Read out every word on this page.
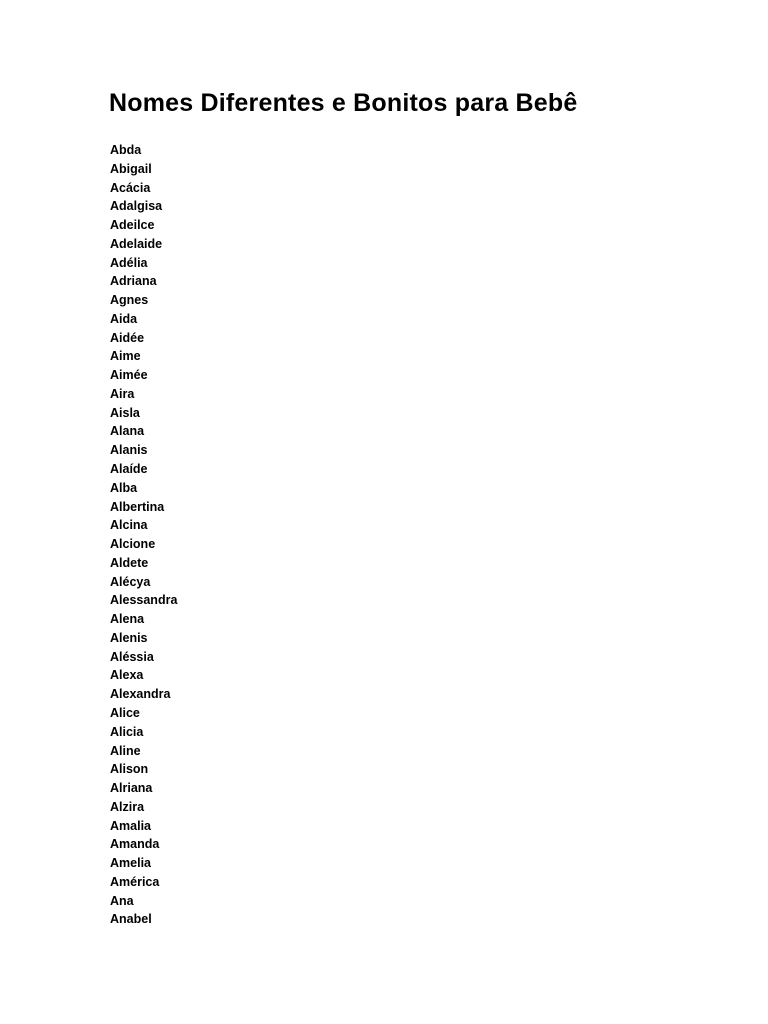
Nomes Diferentes e Bonitos para Bebê
Abda
Abigail
Acácia
Adalgisa
Adeilce
Adelaide
Adélia
Adriana
Agnes
Aida
Aidée
Aime
Aimée
Aira
Aisla
Alana
Alanis
Alaíde
Alba
Albertina
Alcina
Alcione
Aldete
Alécya
Alessandra
Alena
Alenis
Aléssia
Alexa
Alexandra
Alice
Alicia
Aline
Alison
Alriana
Alzira
Amalia
Amanda
Amelia
América
Ana
Anabel
